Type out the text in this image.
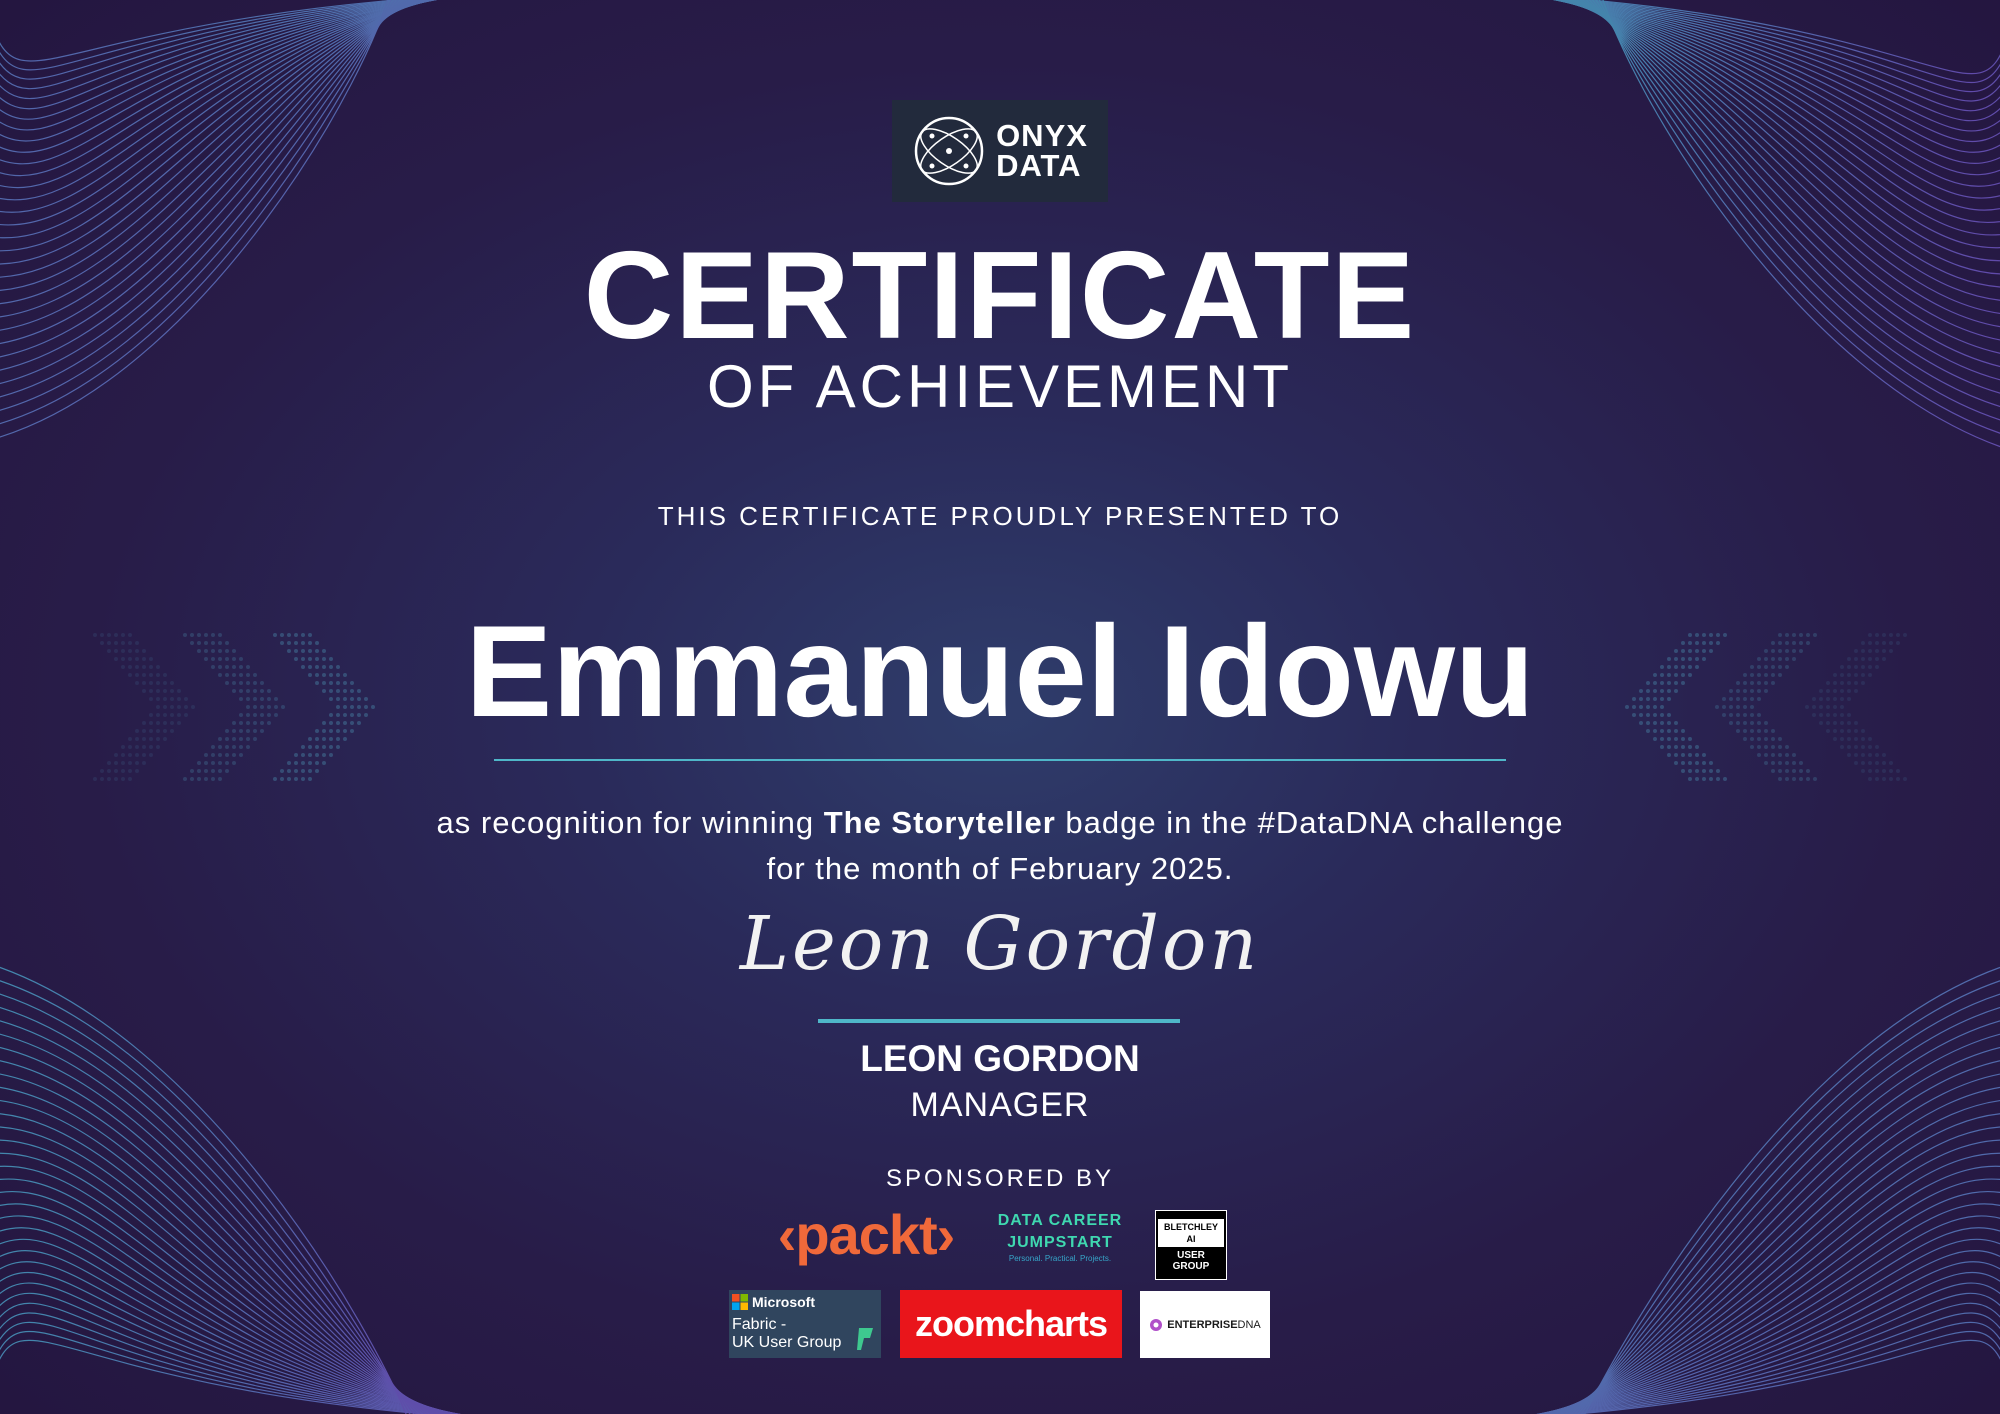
ONYX
DATA
CERTIFICATE
OF ACHIEVEMENT
THIS CERTIFICATE PROUDLY PRESENTED TO
Emmanuel Idowu
as recognition for winning The Storyteller badge in the #DataDNA challenge
for the month of February 2025.
Leon Gordon
LEON GORDON
MANAGER
SPONSORED BY
‹packt›	DATA CAREER
JUMPSTART
Personal. Practical. Projects.
BLETCHLEY
AI
USER
GROUP
Microsoft
Fabric -
UK User Group zoomcharts	ENTERPRISEDNA
